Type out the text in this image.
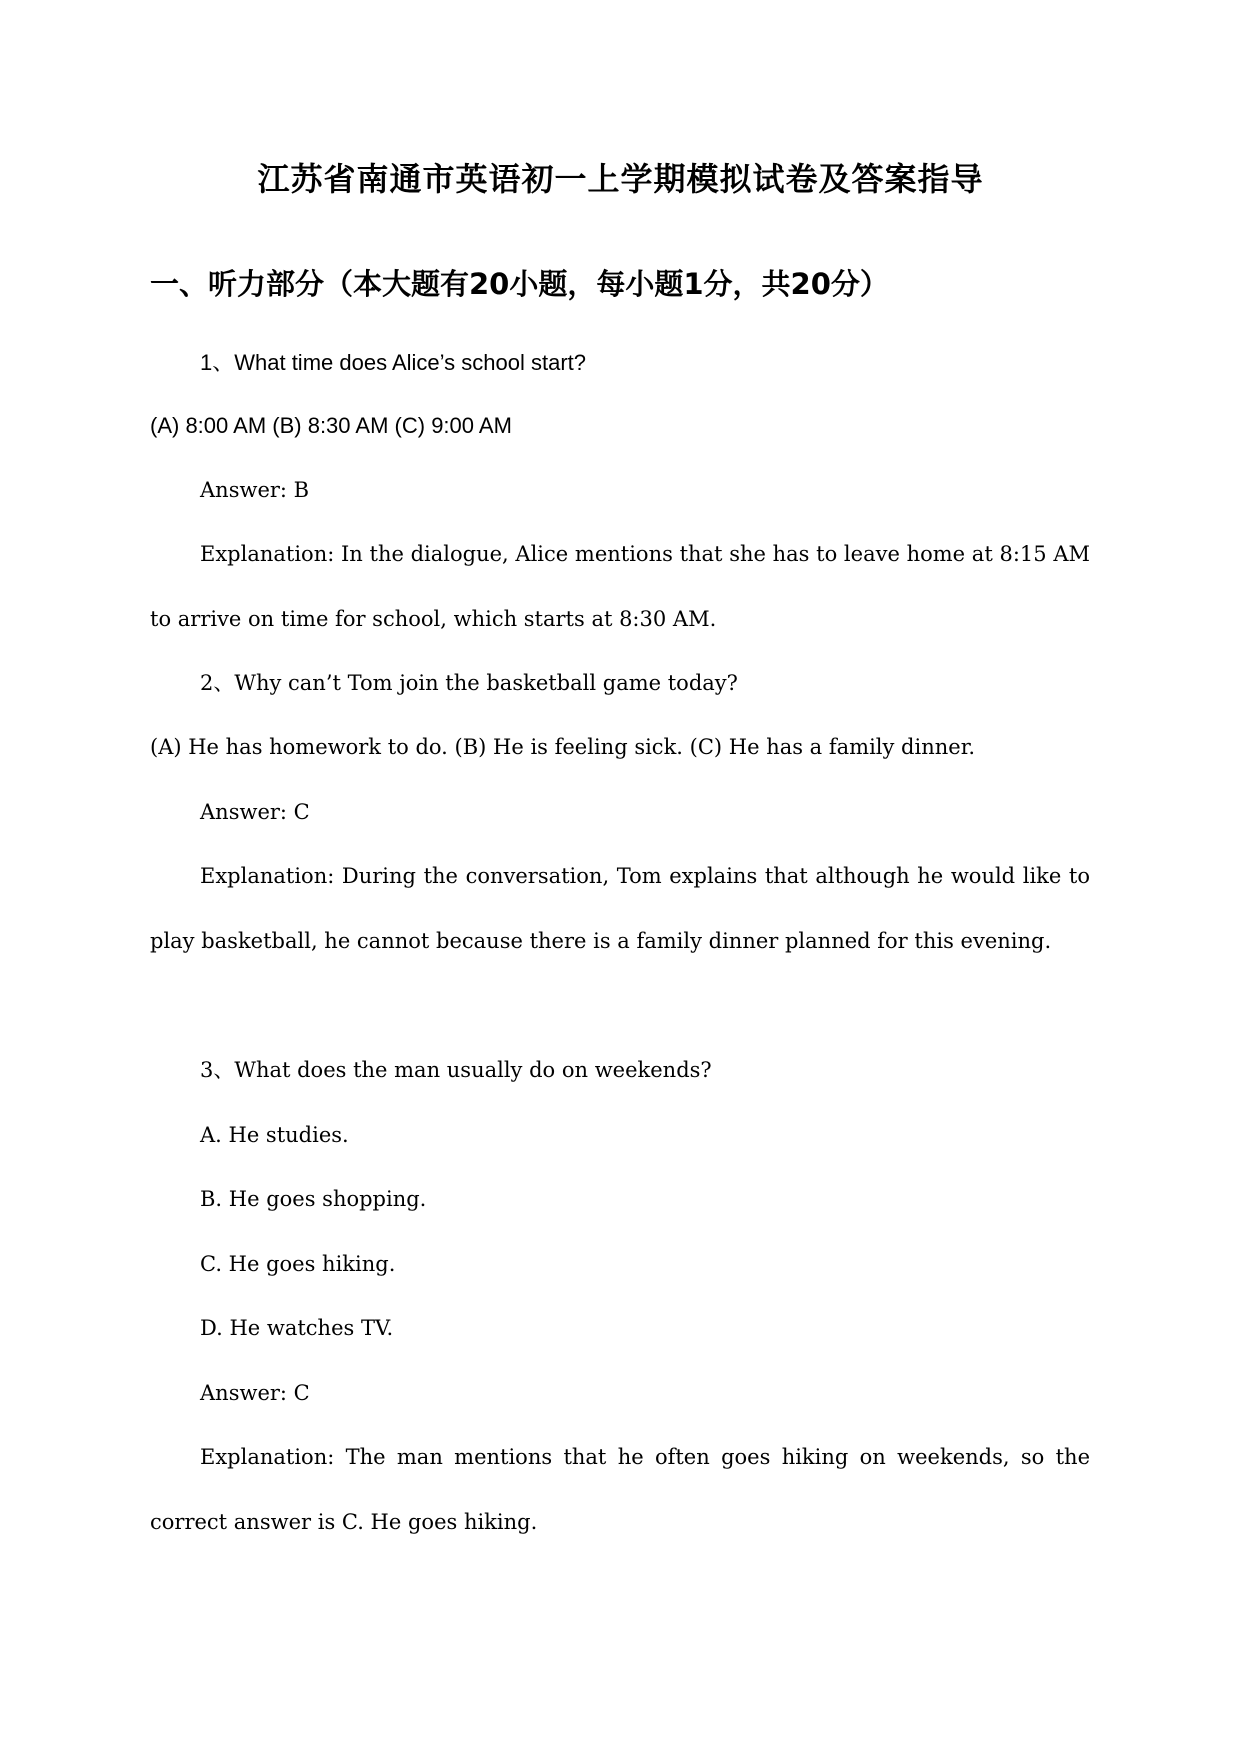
江苏省南通市英语初一上学期模拟试卷及答案指导
一、听力部分（本大题有20小题，每小题1分，共20分）
1、What time does Alice’s school start?
(A) 8:00 AM (B) 8:30 AM (C) 9:00 AM
Answer: B
Explanation: In the dialogue, Alice mentions that she has to leave home at 8:15 AM to arrive on time for school, which starts at 8:30 AM.
2、Why can’t Tom join the basketball game today?
(A) He has homework to do. (B) He is feeling sick. (C) He has a family dinner.
Answer: C
Explanation: During the conversation, Tom explains that although he would like to play basketball, he cannot because there is a family dinner planned for this evening.
3、What does the man usually do on weekends?
A. He studies.
B. He goes shopping.
C. He goes hiking.
D. He watches TV.
Answer: C
Explanation: The man mentions that he often goes hiking on weekends, so the correct answer is C. He goes hiking.
